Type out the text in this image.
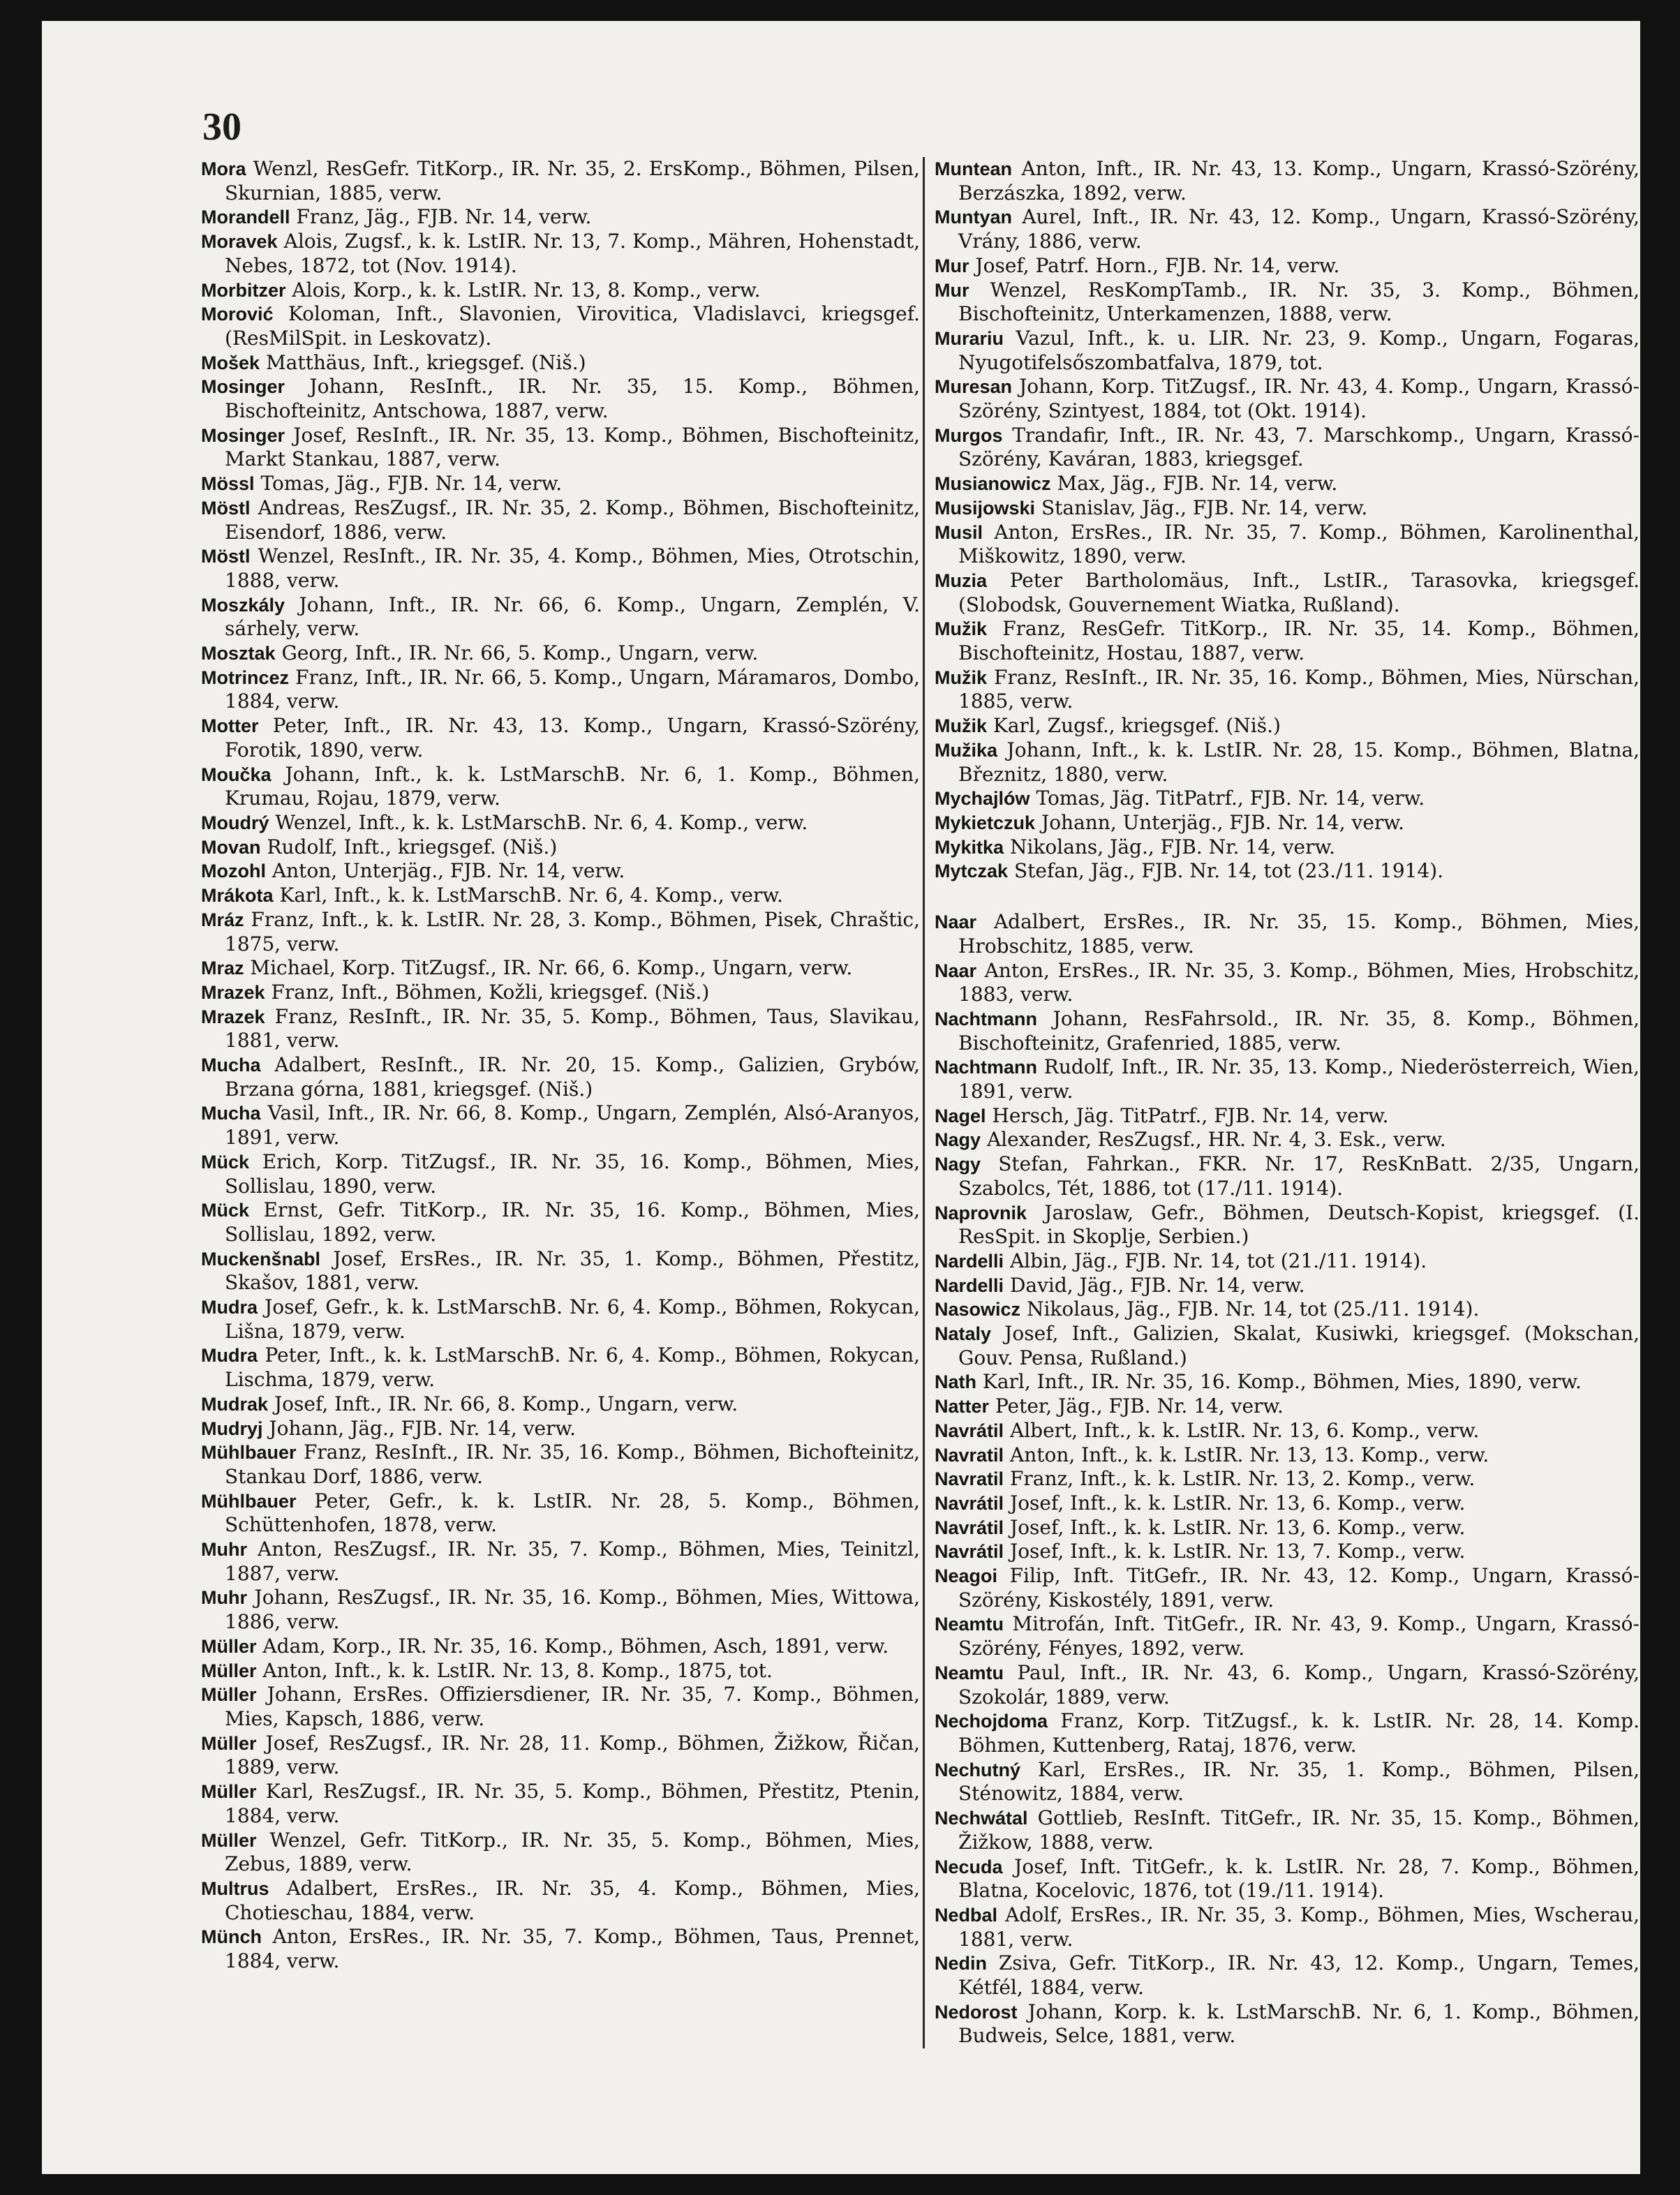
30

Mora Wenzl, ResGefr. TitKorp., IR. Nr. 35, 2. ErsKomp., Böhmen, Pilsen, Skurnian, 1885, verw.

Morandell Franz, Jäg., FJB. Nr. 14, verw.

Moravek Alois, Zugsf., k. k. LstIR. Nr. 13, 7. Komp., Mähren, Hohenstadt, Nebes, 1872, tot (Nov. 1914).

Morbitzer Alois, Korp., k. k. LstIR. Nr. 13, 8. Komp., verw.

Morović Koloman, Inft., Slavonien, Virovitica, Vladislavci, kriegsgef. (ResMilSpit. in Leskovatz).

Mošek Matthäus, Inft., kriegsgef. (Niš.)

Mosinger Johann, ResInft., IR. Nr. 35, 15. Komp., Böhmen, Bischofteinitz, Antschowa, 1887, verw.

Mosinger Josef, ResInft., IR. Nr. 35, 13. Komp., Böhmen, Bischofteinitz, Markt Stankau, 1887, verw.

Mössl Tomas, Jäg., FJB. Nr. 14, verw.

Möstl Andreas, ResZugsf., IR. Nr. 35, 2. Komp., Böhmen, Bischofteinitz, Eisendorf, 1886, verw.

Möstl Wenzel, ResInft., IR. Nr. 35, 4. Komp., Böhmen, Mies, Otrotschin, 1888, verw.

Moszkály Johann, Inft., IR. Nr. 66, 6. Komp., Ungarn, Zemplén, V. sárhely, verw.

Mosztak Georg, Inft., IR. Nr. 66, 5. Komp., Ungarn, verw.

Motrincez Franz, Inft., IR. Nr. 66, 5. Komp., Ungarn, Máramaros, Dombo, 1884, verw.

Motter Peter, Inft., IR. Nr. 43, 13. Komp., Ungarn, Krassó-Szörény, Forotik, 1890, verw.

Moučka Johann, Inft., k. k. LstMarschB. Nr. 6, 1. Komp., Böhmen, Krumau, Rojau, 1879, verw.

Moudrý Wenzel, Inft., k. k. LstMarschB. Nr. 6, 4. Komp., verw.

Movan Rudolf, Inft., kriegsgef. (Niš.)

Mozohl Anton, Unterjäg., FJB. Nr. 14, verw.

Mrákota Karl, Inft., k. k. LstMarschB. Nr. 6, 4. Komp., verw.

Mráz Franz, Inft., k. k. LstIR. Nr. 28, 3. Komp., Böhmen, Pisek, Chraštic, 1875, verw.

Mraz Michael, Korp. TitZugsf., IR. Nr. 66, 6. Komp., Ungarn, verw.

Mrazek Franz, Inft., Böhmen, Kožli, kriegsgef. (Niš.)

Mrazek Franz, ResInft., IR. Nr. 35, 5. Komp., Böhmen, Taus, Slavikau, 1881, verw.

Mucha Adalbert, ResInft., IR. Nr. 20, 15. Komp., Galizien, Grybów, Brzana górna, 1881, kriegsgef. (Niš.)

Mucha Vasil, Inft., IR. Nr. 66, 8. Komp., Ungarn, Zemplén, Alsó-Aranyos, 1891, verw.

Mück Erich, Korp. TitZugsf., IR. Nr. 35, 16. Komp., Böhmen, Mies, Sollislau, 1890, verw.

Mück Ernst, Gefr. TitKorp., IR. Nr. 35, 16. Komp., Böhmen, Mies, Sollislau, 1892, verw.

Muckenšnabl Josef, ErsRes., IR. Nr. 35, 1. Komp., Böhmen, Přestitz, Skašov, 1881, verw.

Mudra Josef, Gefr., k. k. LstMarschB. Nr. 6, 4. Komp., Böhmen, Rokycan, Lišna, 1879, verw.

Mudra Peter, Inft., k. k. LstMarschB. Nr. 6, 4. Komp., Böhmen, Rokycan, Lischma, 1879, verw.

Mudrak Josef, Inft., IR. Nr. 66, 8. Komp., Ungarn, verw.

Mudryj Johann, Jäg., FJB. Nr. 14, verw.

Mühlbauer Franz, ResInft., IR. Nr. 35, 16. Komp., Böhmen, Bichofteinitz, Stankau Dorf, 1886, verw.

Mühlbauer Peter, Gefr., k. k. LstIR. Nr. 28, 5. Komp., Böhmen, Schüttenhofen, 1878, verw.

Muhr Anton, ResZugsf., IR. Nr. 35, 7. Komp., Böhmen, Mies, Teinitzl, 1887, verw.

Muhr Johann, ResZugsf., IR. Nr. 35, 16. Komp., Böhmen, Mies, Wittowa, 1886, verw.

Müller Adam, Korp., IR. Nr. 35, 16. Komp., Böhmen, Asch, 1891, verw.

Müller Anton, Inft., k. k. LstIR. Nr. 13, 8. Komp., 1875, tot.

Müller Johann, ErsRes. Offiziersdiener, IR. Nr. 35, 7. Komp., Böhmen, Mies, Kapsch, 1886, verw.

Müller Josef, ResZugsf., IR. Nr. 28, 11. Komp., Böhmen, Žižkow, Řičan, 1889, verw.

Müller Karl, ResZugsf., IR. Nr. 35, 5. Komp., Böhmen, Přestitz, Ptenin, 1884, verw.

Müller Wenzel, Gefr. TitKorp., IR. Nr. 35, 5. Komp., Böhmen, Mies, Zebus, 1889, verw.

Multrus Adalbert, ErsRes., IR. Nr. 35, 4. Komp., Böhmen, Mies, Chotieschau, 1884, verw.

Münch Anton, ErsRes., IR. Nr. 35, 7. Komp., Böhmen, Taus, Prennet, 1884, verw.

Muntean Anton, Inft., IR. Nr. 43, 13. Komp., Ungarn, Krassó-Szörény, Berzászka, 1892, verw.

Muntyan Aurel, Inft., IR. Nr. 43, 12. Komp., Ungarn, Krassó-Szörény, Vrány, 1886, verw.

Mur Josef, Patrf. Horn., FJB. Nr. 14, verw.

Mur Wenzel, ResKompTamb., IR. Nr. 35, 3. Komp., Böhmen, Bischofteinitz, Unterkamenzen, 1888, verw.

Murariu Vazul, Inft., k. u. LIR. Nr. 23, 9. Komp., Ungarn, Fogaras, Nyugotifelsőszombatfalva, 1879, tot.

Muresan Johann, Korp. TitZugsf., IR. Nr. 43, 4. Komp., Ungarn, Krassó-Szörény, Szintyest, 1884, tot (Okt. 1914).

Murgos Trandafir, Inft., IR. Nr. 43, 7. Marschkomp., Ungarn, Krassó-Szörény, Kaváran, 1883, kriegsgef.

Musianowicz Max, Jäg., FJB. Nr. 14, verw.

Musijowski Stanislav, Jäg., FJB. Nr. 14, verw.

Musil Anton, ErsRes., IR. Nr. 35, 7. Komp., Böhmen, Karolinenthal, Miškowitz, 1890, verw.

Muzia Peter Bartholomäus, Inft., LstIR., Tarasovka, kriegsgef. (Slobodsk, Gouvernement Wiatka, Rußland).

Mužik Franz, ResGefr. TitKorp., IR. Nr. 35, 14. Komp., Böhmen, Bischofteinitz, Hostau, 1887, verw.

Mužik Franz, ResInft., IR. Nr. 35, 16. Komp., Böhmen, Mies, Nürschan, 1885, verw.

Mužik Karl, Zugsf., kriegsgef. (Niš.)

Mužika Johann, Inft., k. k. LstIR. Nr. 28, 15. Komp., Böhmen, Blatna, Březnitz, 1880, verw.

Mychajlów Tomas, Jäg. TitPatrf., FJB. Nr. 14, verw.

Mykietczuk Johann, Unterjäg., FJB. Nr. 14, verw.

Mykitka Nikolans, Jäg., FJB. Nr. 14, verw.

Mytczak Stefan, Jäg., FJB. Nr. 14, tot (23./11. 1914).

Naar Adalbert, ErsRes., IR. Nr. 35, 15. Komp., Böhmen, Mies, Hrobschitz, 1885, verw.

Naar Anton, ErsRes., IR. Nr. 35, 3. Komp., Böhmen, Mies, Hrobschitz, 1883, verw.

Nachtmann Johann, ResFahrsold., IR. Nr. 35, 8. Komp., Böhmen, Bischofteinitz, Grafenried, 1885, verw.

Nachtmann Rudolf, Inft., IR. Nr. 35, 13. Komp., Niederösterreich, Wien, 1891, verw.

Nagel Hersch, Jäg. TitPatrf., FJB. Nr. 14, verw.

Nagy Alexander, ResZugsf., HR. Nr. 4, 3. Esk., verw.

Nagy Stefan, Fahrkan., FKR. Nr. 17, ResKnBatt. 2/35, Ungarn, Szabolcs, Tét, 1886, tot (17./11. 1914).

Naprovnik Jaroslaw, Gefr., Böhmen, Deutsch-Kopist, kriegsgef. (I. ResSpit. in Skoplje, Serbien.)

Nardelli Albin, Jäg., FJB. Nr. 14, tot (21./11. 1914).

Nardelli David, Jäg., FJB. Nr. 14, verw.

Nasowicz Nikolaus, Jäg., FJB. Nr. 14, tot (25./11. 1914).

Nataly Josef, Inft., Galizien, Skalat, Kusiwki, kriegsgef. (Mokschan, Gouv. Pensa, Rußland.)

Nath Karl, Inft., IR. Nr. 35, 16. Komp., Böhmen, Mies, 1890, verw.

Natter Peter, Jäg., FJB. Nr. 14, verw.

Navrátil Albert, Inft., k. k. LstIR. Nr. 13, 6. Komp., verw.

Navratil Anton, Inft., k. k. LstIR. Nr. 13, 13. Komp., verw.

Navratil Franz, Inft., k. k. LstIR. Nr. 13, 2. Komp., verw.

Navrátil Josef, Inft., k. k. LstIR. Nr. 13, 6. Komp., verw.

Navrátil Josef, Inft., k. k. LstIR. Nr. 13, 6. Komp., verw.

Navrátil Josef, Inft., k. k. LstIR. Nr. 13, 7. Komp., verw.

Neagoi Filip, Inft. TitGefr., IR. Nr. 43, 12. Komp., Ungarn, Krassó-Szörény, Kiskostély, 1891, verw.

Neamtu Mitrofán, Inft. TitGefr., IR. Nr. 43, 9. Komp., Ungarn, Krassó-Szörény, Fényes, 1892, verw.

Neamtu Paul, Inft., IR. Nr. 43, 6. Komp., Ungarn, Krassó-Szörény, Szokolár, 1889, verw.

Nechojdoma Franz, Korp. TitZugsf., k. k. LstIR. Nr. 28, 14. Komp. Böhmen, Kuttenberg, Rataj, 1876, verw.

Nechutný Karl, ErsRes., IR. Nr. 35, 1. Komp., Böhmen, Pilsen, Sténowitz, 1884, verw.

Nechwátal Gottlieb, ResInft. TitGefr., IR. Nr. 35, 15. Komp., Böhmen, Žižkow, 1888, verw.

Necuda Josef, Inft. TitGefr., k. k. LstIR. Nr. 28, 7. Komp., Böhmen, Blatna, Kocelovic, 1876, tot (19./11. 1914).

Nedbal Adolf, ErsRes., IR. Nr. 35, 3. Komp., Böhmen, Mies, Wscherau, 1881, verw.

Nedin Zsiva, Gefr. TitKorp., IR. Nr. 43, 12. Komp., Ungarn, Temes, Kétfél, 1884, verw.

Nedorost Johann, Korp. k. k. LstMarschB. Nr. 6, 1. Komp., Böhmen, Budweis, Selce, 1881, verw.
